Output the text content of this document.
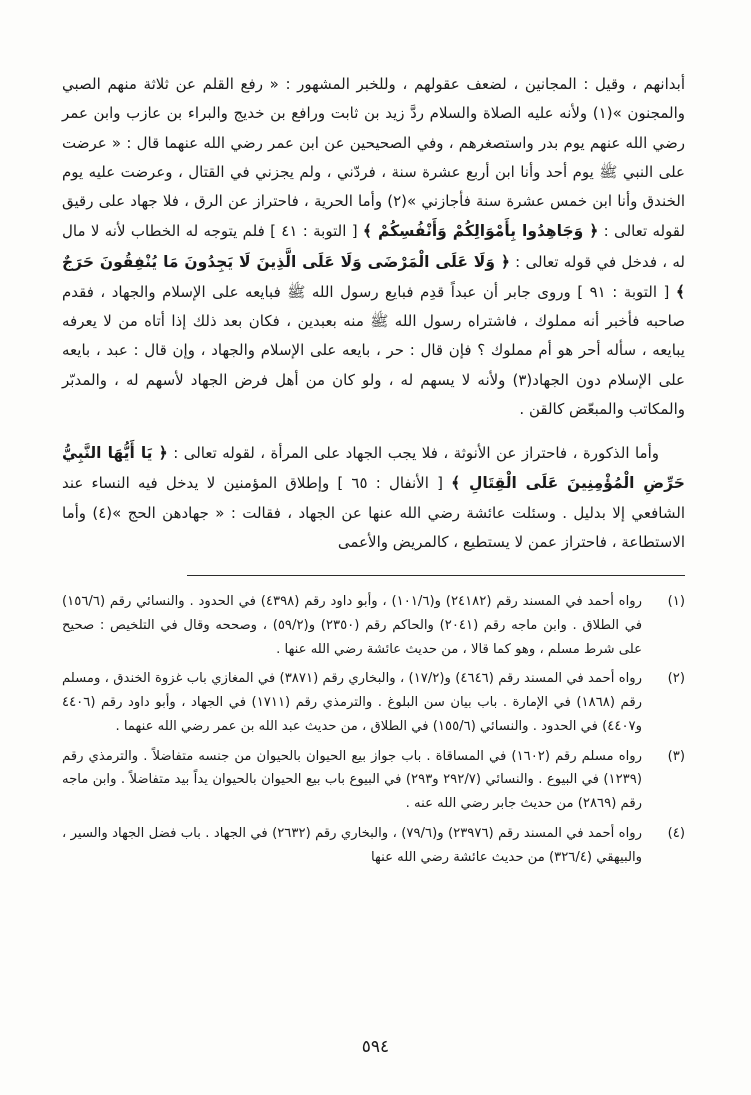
أبدانهم ، وقيل : المجانين ، لضعف عقولهم ، وللخبر المشهور : « رفع القلم عن ثلاثة منهم الصبي والمجنون »(١) ولأنه عليه الصلاة والسلام ردَّ زيد بن ثابت ورافع بن خديج والبراء بن عازب وابن عمر رضي الله عنهم يوم بدر واستصغرهم ، وفي الصحيحين عن ابن عمر رضي الله عنهما قال : « عرضت على النبي ﷺ يوم أحد وأنا ابن أربع عشرة سنة ، فردّني ، ولم يجزني في القتال ، وعرضت عليه يوم الخندق وأنا ابن خمس عشرة سنة فأجازني »(٢) وأما الحرية ، فاحتراز عن الرق ، فلا جهاد على رقيق لقوله تعالى : ﴿ وَجَاهِدُوا بِأَمْوَالِكُمْ وَأَنْفُسِكُمْ ﴾ [ التوبة : ٤١ ] فلم يتوجه له الخطاب لأنه لا مال له ، فدخل في قوله تعالى : ﴿ وَلَا عَلَى الْمَرْضَى وَلَا عَلَى الَّذِينَ لَا يَجِدُونَ مَا يُنْفِقُونَ حَرَجٌ ﴾ [ التوبة : ٩١ ] وروى جابر أن عبداً قدِم فبايع رسول الله ﷺ فبايعه على الإسلام والجهاد ، فقدم صاحبه فأخبر أنه مملوك ، فاشتراه رسول الله ﷺ منه بعبدين ، فكان بعد ذلك إذا أتاه من لا يعرفه يبايعه ، سأله أحر هو أم مملوك ؟ فإن قال : حر ، بايعه على الإسلام والجهاد ، وإن قال : عبد ، بايعه على الإسلام دون الجهاد(٣) ولأنه لا يسهم له ، ولو كان من أهل فرض الجهاد لأسهم له ، والمدبّر والمكاتب والمبعّض كالقن .

وأما الذكورة ، فاحتراز عن الأنوثة ، فلا يجب الجهاد على المرأة ، لقوله تعالى : ﴿ يَا أَيُّهَا النَّبِيُّ حَرِّضِ الْمُؤْمِنِينَ عَلَى الْقِتَالِ ﴾ [ الأنفال : ٦٥ ] وإطلاق المؤمنين لا يدخل فيه النساء عند الشافعي إلا بدليل . وسئلت عائشة رضي الله عنها عن الجهاد ، فقالت : « جهادهن الحج »(٤) وأما الاستطاعة ، فاحتراز عمن لا يستطيع ، كالمريض والأعمى

(١)
رواه أحمد في المسند رقم (٢٤١٨٢) و(١٠١/٦) ، وأبو داود رقم (٤٣٩٨) في الحدود . والنسائي رقم (١٥٦/٦) في الطلاق . وابن ماجه رقم (٢٠٤١) والحاكم رقم (٢٣٥٠) و(٥٩/٢) ، وصححه وقال في التلخيص : صحيح على شرط مسلم ، وهو كما قالا ، من حديث عائشة رضي الله عنها .
(٢)
رواه أحمد في المسند رقم (٤٦٤٦) و(١٧/٢) ، والبخاري رقم (٣٨٧١) في المغازي باب غزوة الخندق ، ومسلم رقم (١٨٦٨) في الإمارة . باب بيان سن البلوغ . والترمذي رقم (١٧١١) في الجهاد ، وأبو داود رقم (٤٤٠٦ و٤٤٠٧) في الحدود . والنسائي (١٥٥/٦) في الطلاق ، من حديث عبد الله بن عمر رضي الله عنهما .
(٣)
رواه مسلم رقم (١٦٠٢) في المساقاة . باب جواز بيع الحيوان بالحيوان من جنسه متفاضلاً . والترمذي رقم (١٢٣٩) في البيوع . والنسائي (٢٩٢/٧ و٢٩٣) في البيوع باب بيع الحيوان بالحيوان يداً بيد متفاضلاً . وابن ماجه رقم (٢٨٦٩) من حديث جابر رضي الله عنه .
(٤)
رواه أحمد في المسند رقم (٢٣٩٧٦) و(٧٩/٦) ، والبخاري رقم (٢٦٣٢) في الجهاد . باب فضل الجهاد والسير ، والبيهقي (٣٢٦/٤) من حديث عائشة رضي الله عنها
٥٩٤
